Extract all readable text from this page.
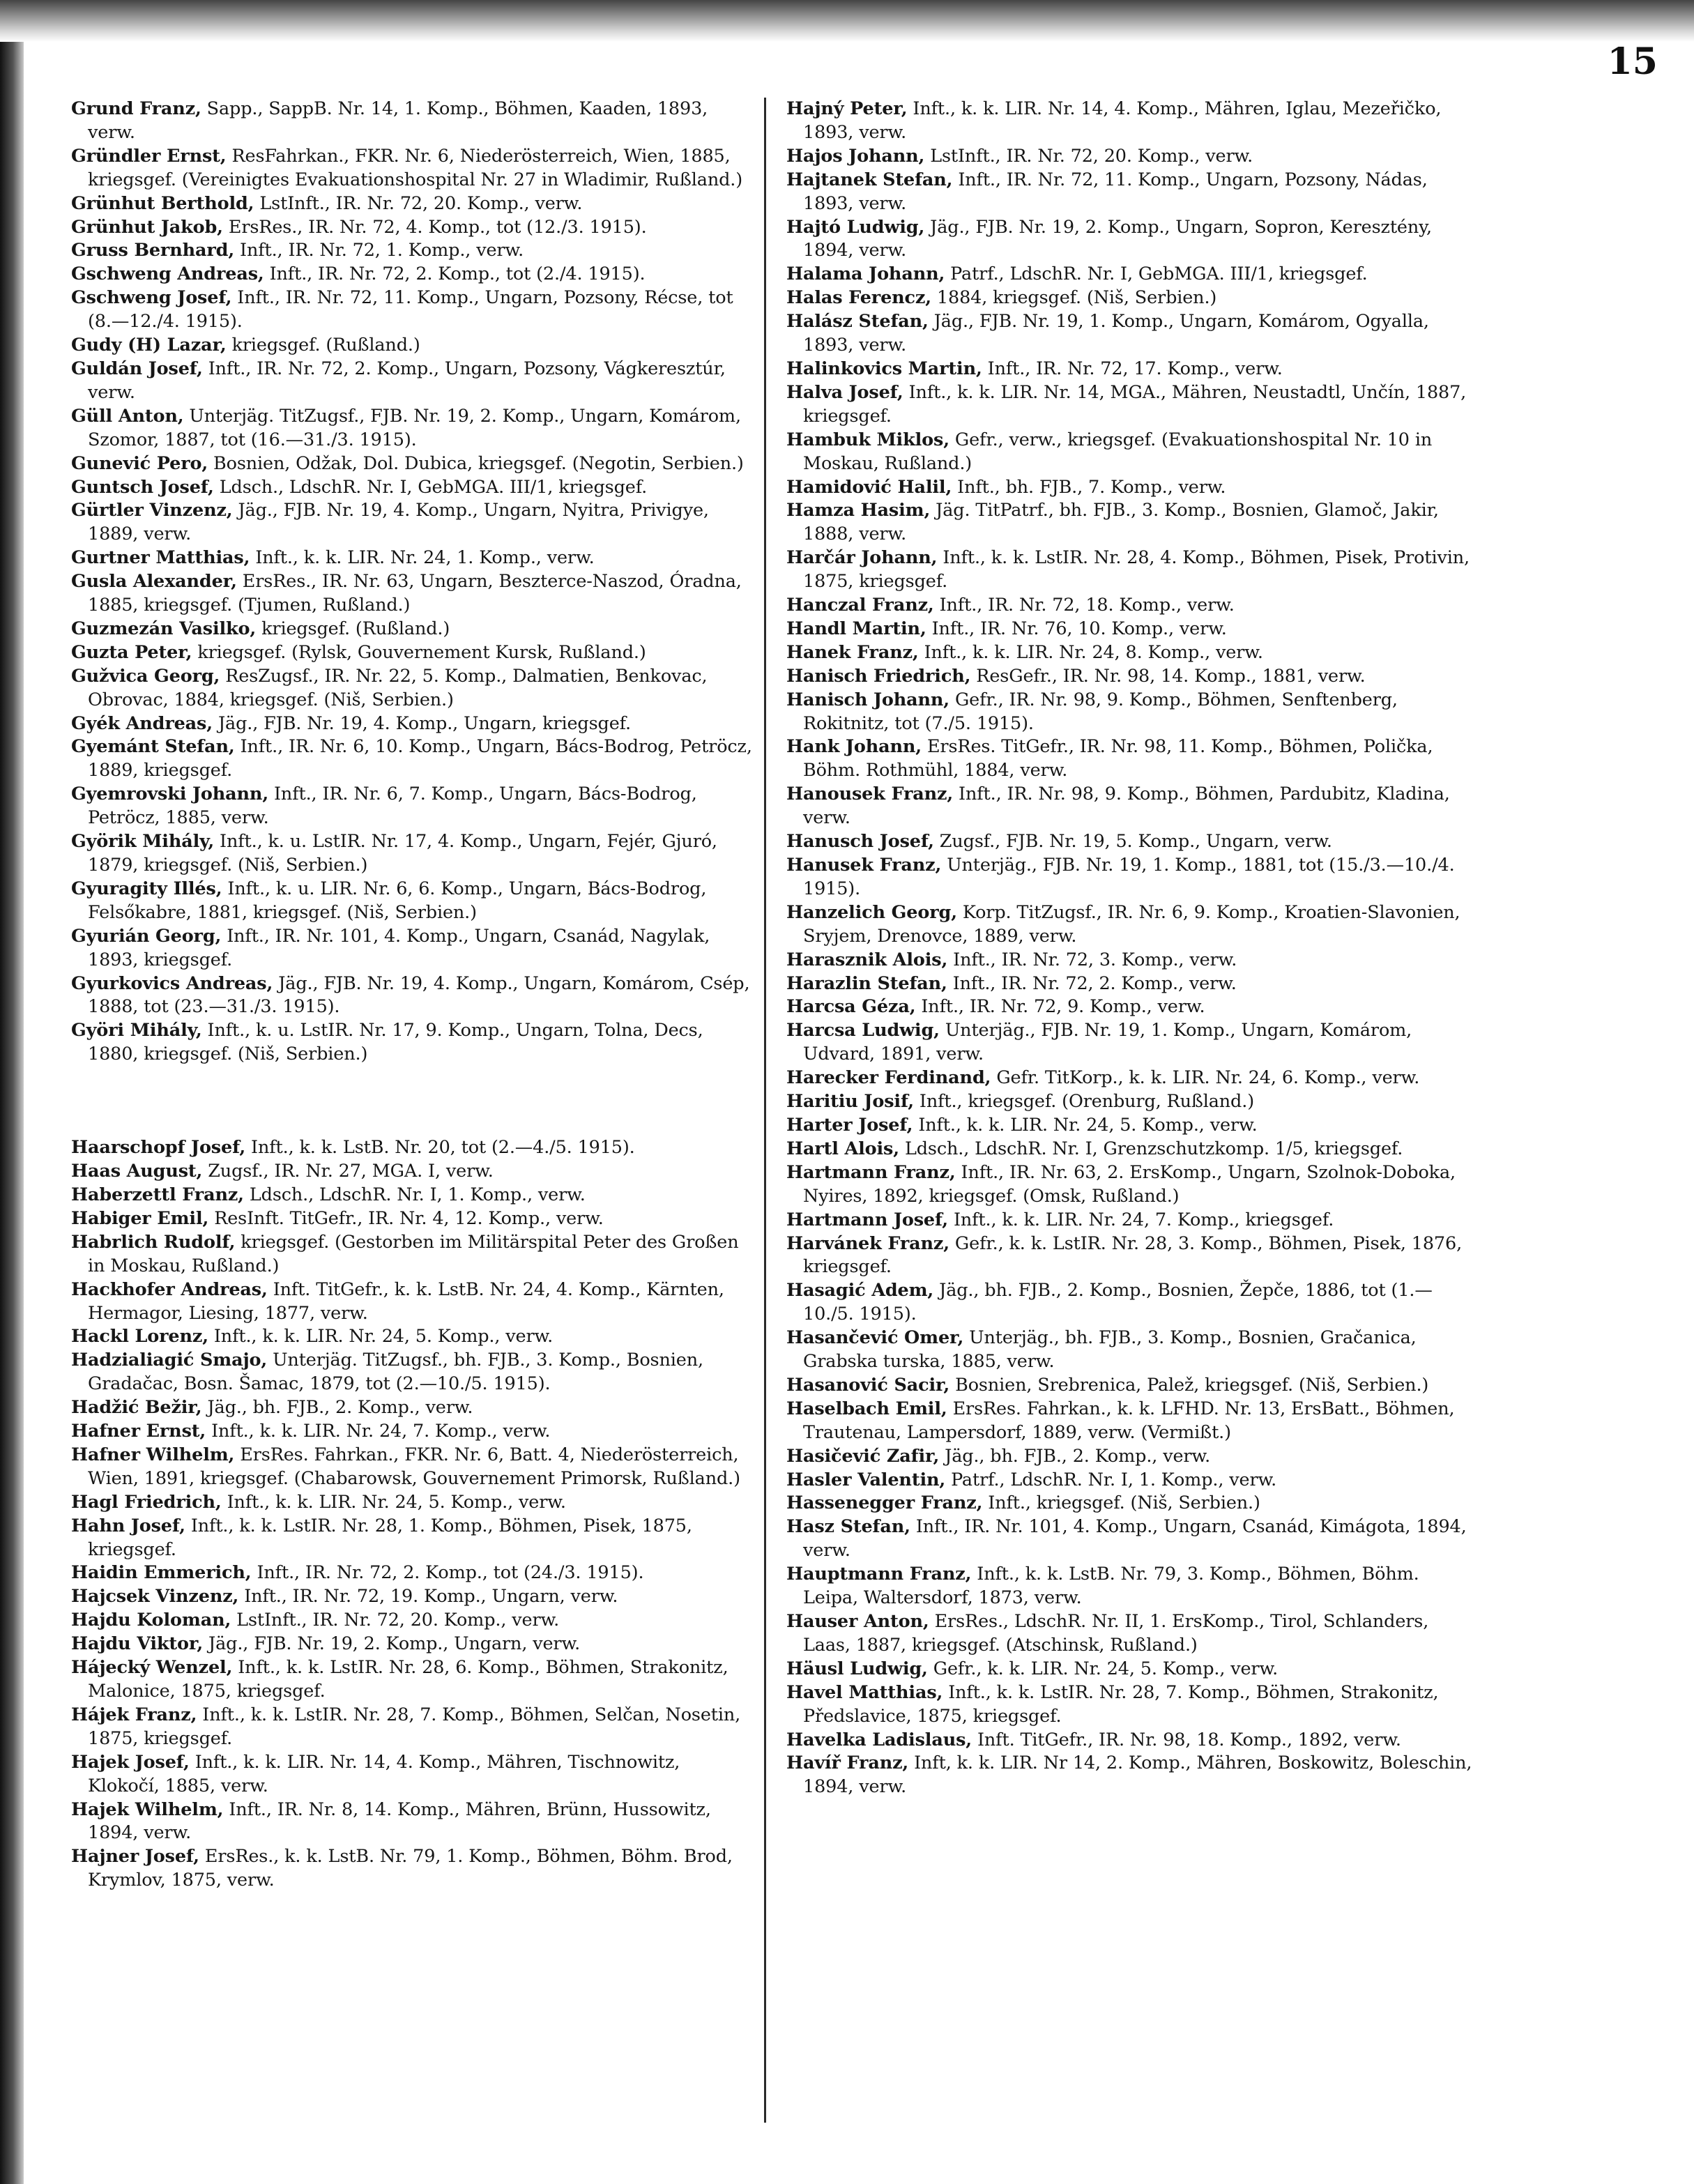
15

Grund Franz, Sapp., SappB. Nr. 14, 1. Komp., Böhmen, Kaaden, 1893, verw.

Gründler Ernst, ResFahrkan., FKR. Nr. 6, Niederösterreich, Wien, 1885, kriegsgef. (Vereinigtes Evakuationshospital Nr. 27 in Wladimir, Rußland.)

Grünhut Berthold, LstInft., IR. Nr. 72, 20. Komp., verw.

Grünhut Jakob, ErsRes., IR. Nr. 72, 4. Komp., tot (12./3. 1915).

Gruss Bernhard, Inft., IR. Nr. 72, 1. Komp., verw.

Gschweng Andreas, Inft., IR. Nr. 72, 2. Komp., tot (2./4. 1915).

Gschweng Josef, Inft., IR. Nr. 72, 11. Komp., Ungarn, Pozsony, Récse, tot (8.—12./4. 1915).

Gudy (H) Lazar, kriegsgef. (Rußland.)

Guldán Josef, Inft., IR. Nr. 72, 2. Komp., Ungarn, Pozsony, Vágkeresztúr, verw.

Güll Anton, Unterjäg. TitZugsf., FJB. Nr. 19, 2. Komp., Ungarn, Komárom, Szomor, 1887, tot (16.—31./3. 1915).

Gunević Pero, Bosnien, Odžak, Dol. Dubica, kriegsgef. (Negotin, Serbien.)

Guntsch Josef, Ldsch., LdschR. Nr. I, GebMGA. III/1, kriegsgef.

Gürtler Vinzenz, Jäg., FJB. Nr. 19, 4. Komp., Ungarn, Nyitra, Privigye, 1889, verw.

Gurtner Matthias, Inft., k. k. LIR. Nr. 24, 1. Komp., verw.

Gusla Alexander, ErsRes., IR. Nr. 63, Ungarn, Beszterce-Naszod, Óradna, 1885, kriegsgef. (Tjumen, Rußland.)

Guzmezán Vasilko, kriegsgef. (Rußland.)

Guzta Peter, kriegsgef. (Rylsk, Gouvernement Kursk, Rußland.)

Gužvica Georg, ResZugsf., IR. Nr. 22, 5. Komp., Dalmatien, Benkovac, Obrovac, 1884, kriegsgef. (Niš, Serbien.)

Gyék Andreas, Jäg., FJB. Nr. 19, 4. Komp., Ungarn, kriegsgef.

Gyemánt Stefan, Inft., IR. Nr. 6, 10. Komp., Ungarn, Bács-Bodrog, Petröcz, 1889, kriegsgef.

Gyemrovski Johann, Inft., IR. Nr. 6, 7. Komp., Ungarn, Bács-Bodrog, Petröcz, 1885, verw.

Györik Mihály, Inft., k. u. LstIR. Nr. 17, 4. Komp., Ungarn, Fejér, Gjuró, 1879, kriegsgef. (Niš, Serbien.)

Gyuragity Illés, Inft., k. u. LIR. Nr. 6, 6. Komp., Ungarn, Bács-Bodrog, Felsőkabre, 1881, kriegsgef. (Niš, Serbien.)

Gyurián Georg, Inft., IR. Nr. 101, 4. Komp., Ungarn, Csanád, Nagylak, 1893, kriegsgef.

Gyurkovics Andreas, Jäg., FJB. Nr. 19, 4. Komp., Ungarn, Komárom, Csép, 1888, tot (23.—31./3. 1915).

Györi Mihály, Inft., k. u. LstIR. Nr. 17, 9. Komp., Ungarn, Tolna, Decs, 1880, kriegsgef. (Niš, Serbien.)

Haarschopf Josef, Inft., k. k. LstB. Nr. 20, tot (2.—4./5. 1915).

Haas August, Zugsf., IR. Nr. 27, MGA. I, verw.

Haberzettl Franz, Ldsch., LdschR. Nr. I, 1. Komp., verw.

Habiger Emil, ResInft. TitGefr., IR. Nr. 4, 12. Komp., verw.

Habrlich Rudolf, kriegsgef. (Gestorben im Militärspital Peter des Großen in Moskau, Rußland.)

Hackhofer Andreas, Inft. TitGefr., k. k. LstB. Nr. 24, 4. Komp., Kärnten, Hermagor, Liesing, 1877, verw.

Hackl Lorenz, Inft., k. k. LIR. Nr. 24, 5. Komp., verw.

Hadzialiagić Smajo, Unterjäg. TitZugsf., bh. FJB., 3. Komp., Bosnien, Gradačac, Bosn. Šamac, 1879, tot (2.—10./5. 1915).

Hadžić Bežir, Jäg., bh. FJB., 2. Komp., verw.

Hafner Ernst, Inft., k. k. LIR. Nr. 24, 7. Komp., verw.

Hafner Wilhelm, ErsRes. Fahrkan., FKR. Nr. 6, Batt. 4, Niederösterreich, Wien, 1891, kriegsgef. (Chabarowsk, Gouvernement Primorsk, Rußland.)

Hagl Friedrich, Inft., k. k. LIR. Nr. 24, 5. Komp., verw.

Hahn Josef, Inft., k. k. LstIR. Nr. 28, 1. Komp., Böhmen, Pisek, 1875, kriegsgef.

Haidin Emmerich, Inft., IR. Nr. 72, 2. Komp., tot (24./3. 1915).

Hajcsek Vinzenz, Inft., IR. Nr. 72, 19. Komp., Ungarn, verw.

Hajdu Koloman, LstInft., IR. Nr. 72, 20. Komp., verw.

Hajdu Viktor, Jäg., FJB. Nr. 19, 2. Komp., Ungarn, verw.

Hájecký Wenzel, Inft., k. k. LstIR. Nr. 28, 6. Komp., Böhmen, Strakonitz, Malonice, 1875, kriegsgef.

Hájek Franz, Inft., k. k. LstIR. Nr. 28, 7. Komp., Böhmen, Selčan, Nosetin, 1875, kriegsgef.

Hajek Josef, Inft., k. k. LIR. Nr. 14, 4. Komp., Mähren, Tischnowitz, Klokočí, 1885, verw.

Hajek Wilhelm, Inft., IR. Nr. 8, 14. Komp., Mähren, Brünn, Hussowitz, 1894, verw.

Hajner Josef, ErsRes., k. k. LstB. Nr. 79, 1. Komp., Böhmen, Böhm. Brod, Krymlov, 1875, verw.

Hajný Peter, Inft., k. k. LIR. Nr. 14, 4. Komp., Mähren, Iglau, Mezeřičko, 1893, verw.

Hajos Johann, LstInft., IR. Nr. 72, 20. Komp., verw.

Hajtanek Stefan, Inft., IR. Nr. 72, 11. Komp., Ungarn, Pozsony, Nádas, 1893, verw.

Hajtó Ludwig, Jäg., FJB. Nr. 19, 2. Komp., Ungarn, Sopron, Keresztény, 1894, verw.

Halama Johann, Patrf., LdschR. Nr. I, GebMGA. III/1, kriegsgef.

Halas Ferencz, 1884, kriegsgef. (Niš, Serbien.)

Halász Stefan, Jäg., FJB. Nr. 19, 1. Komp., Ungarn, Komárom, Ogyalla, 1893, verw.

Halinkovics Martin, Inft., IR. Nr. 72, 17. Komp., verw.

Halva Josef, Inft., k. k. LIR. Nr. 14, MGA., Mähren, Neustadtl, Unčín, 1887, kriegsgef.

Hambuk Miklos, Gefr., verw., kriegsgef. (Evakuationshospital Nr. 10 in Moskau, Rußland.)

Hamidović Halil, Inft., bh. FJB., 7. Komp., verw.

Hamza Hasim, Jäg. TitPatrf., bh. FJB., 3. Komp., Bosnien, Glamoč, Jakir, 1888, verw.

Harčár Johann, Inft., k. k. LstIR. Nr. 28, 4. Komp., Böhmen, Pisek, Protivin, 1875, kriegsgef.

Hanczal Franz, Inft., IR. Nr. 72, 18. Komp., verw.

Handl Martin, Inft., IR. Nr. 76, 10. Komp., verw.

Hanek Franz, Inft., k. k. LIR. Nr. 24, 8. Komp., verw.

Hanisch Friedrich, ResGefr., IR. Nr. 98, 14. Komp., 1881, verw.

Hanisch Johann, Gefr., IR. Nr. 98, 9. Komp., Böhmen, Senftenberg, Rokitnitz, tot (7./5. 1915).

Hank Johann, ErsRes. TitGefr., IR. Nr. 98, 11. Komp., Böhmen, Polička, Böhm. Rothmühl, 1884, verw.

Hanousek Franz, Inft., IR. Nr. 98, 9. Komp., Böhmen, Pardubitz, Kladina, verw.

Hanusch Josef, Zugsf., FJB. Nr. 19, 5. Komp., Ungarn, verw.

Hanusek Franz, Unterjäg., FJB. Nr. 19, 1. Komp., 1881, tot (15./3.—10./4. 1915).

Hanzelich Georg, Korp. TitZugsf., IR. Nr. 6, 9. Komp., Kroatien-Slavonien, Sryjem, Drenovce, 1889, verw.

Harasznik Alois, Inft., IR. Nr. 72, 3. Komp., verw.

Harazlin Stefan, Inft., IR. Nr. 72, 2. Komp., verw.

Harcsa Géza, Inft., IR. Nr. 72, 9. Komp., verw.

Harcsa Ludwig, Unterjäg., FJB. Nr. 19, 1. Komp., Ungarn, Komárom, Udvard, 1891, verw.

Harecker Ferdinand, Gefr. TitKorp., k. k. LIR. Nr. 24, 6. Komp., verw.

Haritiu Josif, Inft., kriegsgef. (Orenburg, Rußland.)

Harter Josef, Inft., k. k. LIR. Nr. 24, 5. Komp., verw.

Hartl Alois, Ldsch., LdschR. Nr. I, Grenzschutzkomp. 1/5, kriegsgef.

Hartmann Franz, Inft., IR. Nr. 63, 2. ErsKomp., Ungarn, Szolnok-Doboka, Nyires, 1892, kriegsgef. (Omsk, Rußland.)

Hartmann Josef, Inft., k. k. LIR. Nr. 24, 7. Komp., kriegsgef.

Harvánek Franz, Gefr., k. k. LstIR. Nr. 28, 3. Komp., Böhmen, Pisek, 1876, kriegsgef.

Hasagić Adem, Jäg., bh. FJB., 2. Komp., Bosnien, Žepče, 1886, tot (1.—10./5. 1915).

Hasančević Omer, Unterjäg., bh. FJB., 3. Komp., Bosnien, Gračanica, Grabska turska, 1885, verw.

Hasanović Sacir, Bosnien, Srebrenica, Palež, kriegsgef. (Niš, Serbien.)

Haselbach Emil, ErsRes. Fahrkan., k. k. LFHD. Nr. 13, ErsBatt., Böhmen, Trautenau, Lampersdorf, 1889, verw. (Vermißt.)

Hasičević Zafir, Jäg., bh. FJB., 2. Komp., verw.

Hasler Valentin, Patrf., LdschR. Nr. I, 1. Komp., verw.

Hassenegger Franz, Inft., kriegsgef. (Niš, Serbien.)

Hasz Stefan, Inft., IR. Nr. 101, 4. Komp., Ungarn, Csanád, Kimágota, 1894, verw.

Hauptmann Franz, Inft., k. k. LstB. Nr. 79, 3. Komp., Böhmen, Böhm. Leipa, Waltersdorf, 1873, verw.

Hauser Anton, ErsRes., LdschR. Nr. II, 1. ErsKomp., Tirol, Schlanders, Laas, 1887, kriegsgef. (Atschinsk, Rußland.)

Häusl Ludwig, Gefr., k. k. LIR. Nr. 24, 5. Komp., verw.

Havel Matthias, Inft., k. k. LstIR. Nr. 28, 7. Komp., Böhmen, Strakonitz, Předslavice, 1875, kriegsgef.

Havelka Ladislaus, Inft. TitGefr., IR. Nr. 98, 18. Komp., 1892, verw.

Havíř Franz, Inft, k. k. LIR. Nr 14, 2. Komp., Mähren, Boskowitz, Boleschin, 1894, verw.
